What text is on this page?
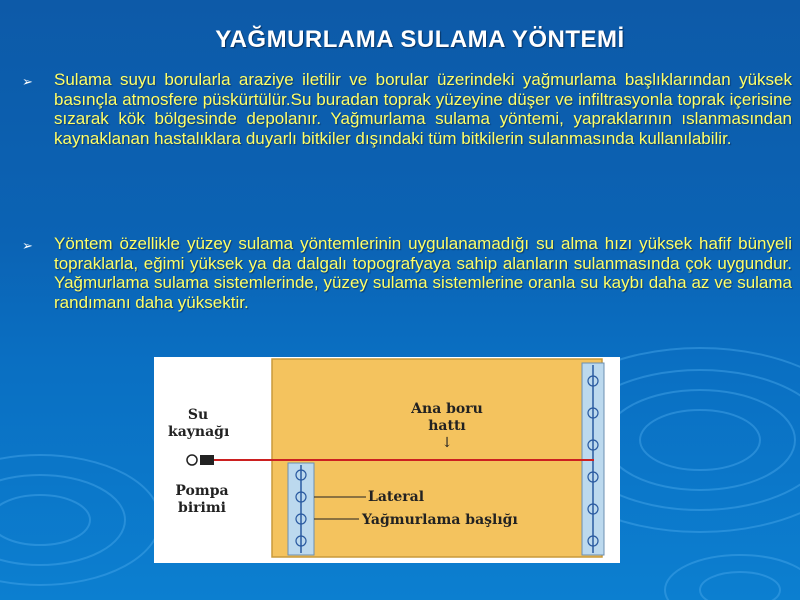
YAĞMURLAMA SULAMA YÖNTEMİ
➢ Sulama suyu borularla araziye iletilir ve borular üzerindeki yağmurlama başlıklarından yüksek basınçla atmosfere püskürtülür.Su buradan toprak yüzeyine düşer ve infiltrasyonla toprak içerisine sızarak kök bölgesinde depolanır. Yağmurlama sulama yöntemi, yapraklarının ıslanmasından kaynaklanan hastalıklara duyarlı bitkiler dışındaki tüm bitkilerin sulanmasında kullanılabilir.
➢ Yöntem özellikle yüzey sulama yöntemlerinin uygulanamadığı su alma hızı yüksek hafif bünyeli topraklarla, eğimi yüksek ya da dalgalı topografyaya sahip alanların sulanmasında çok uygundur. Yağmurlama sulama sistemlerinde, yüzey sulama sistemlerine oranla su kaybı daha az ve sulama randımanı daha yüksektir.
Su
kaynağı
Pompa
birimi
Ana boru
hattı
↓
Lateral
Yağmurlama başlığı
